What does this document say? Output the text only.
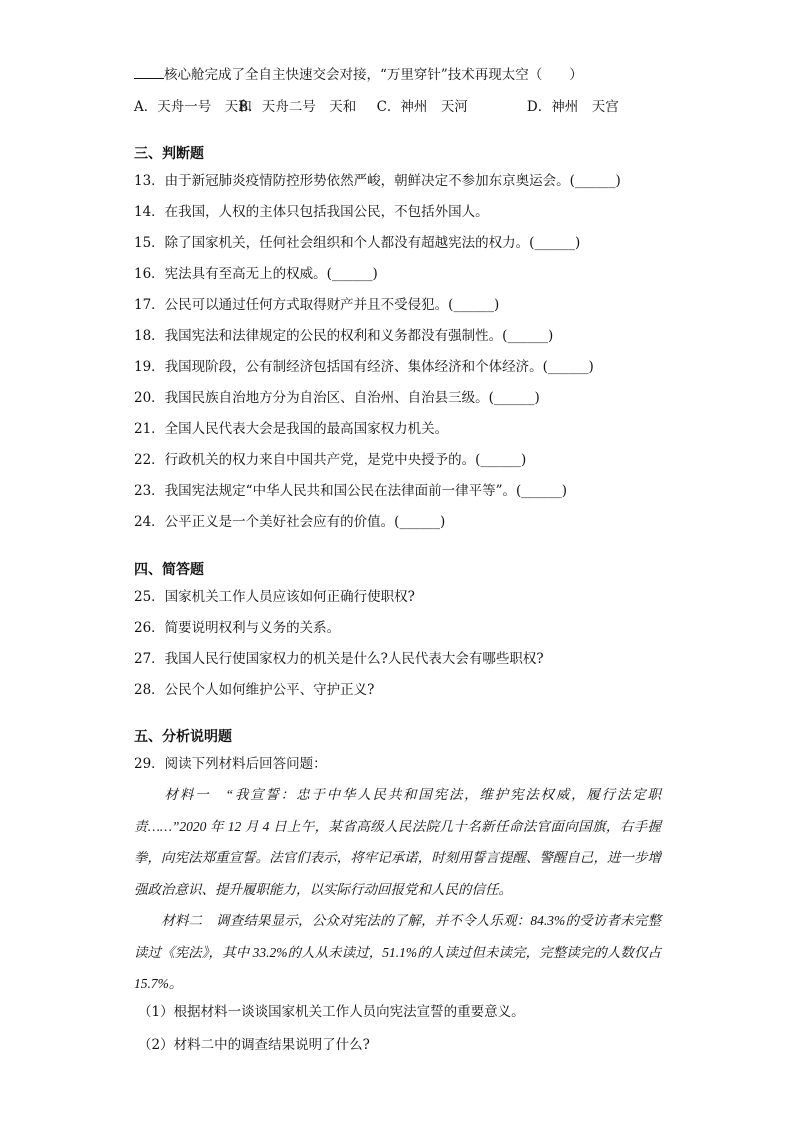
核心舱完成了全自主快速交会对接，“万里穿针”技术再现太空（　　）
A．天舟一号　天和 B．天舟二号　天和 C．神州　天河	D．神州　天宫
三、判断题
13．由于新冠肺炎疫情防控形势依然严峻，朝鲜决定不参加东京奥运会。(______)
14．在我国，人权的主体只包括我国公民，不包括外国人。
15．除了国家机关，任何社会组织和个人都没有超越宪法的权力。(______)
16．宪法具有至高无上的权威。(______)
17．公民可以通过任何方式取得财产并且不受侵犯。(______)
18．我国宪法和法律规定的公民的权利和义务都没有强制性。(______)
19．我国现阶段，公有制经济包括国有经济、集体经济和个体经济。(______)
20．我国民族自治地方分为自治区、自治州、自治县三级。(______)
21．全国人民代表大会是我国的最高国家权力机关。
22．行政机关的权力来自中国共产党，是党中央授予的。(______)
23．我国宪法规定“中华人民共和国公民在法律面前一律平等”。(______)
24．公平正义是一个美好社会应有的价值。(______)
四、简答题
25．国家机关工作人员应该如何正确行使职权?
26．简要说明权利与义务的关系。
27．我国人民行使国家权力的机关是什么?人民代表大会有哪些职权?
28．公民个人如何维护公平、守护正义?
五、分析说明题
29．阅读下列材料后回答问题：
　　材料一　“我宣誓：忠于中华人民共和国宪法，维护宪法权威，履行法定职责……”2020 年 12 月 4 日上午，某省高级人民法院几十名新任命法官面向国旗，右手握拳，向宪法郑重宣誓。法官们表示，将牢记承诺，时刻用誓言提醒、警醒自己，进一步增强政治意识、提升履职能力，以实际行动回报党和人民的信任。
　　材料二　调查结果显示，公众对宪法的了解，并不令人乐观：84.3%的受访者未完整读过《宪法》，其中 33.2%的人从未读过，51.1%的人读过但未读完，完整读完的人数仅占 15.7%。
（1）根据材料一谈谈国家机关工作人员向宪法宣誓的重要意义。
（2）材料二中的调查结果说明了什么?
